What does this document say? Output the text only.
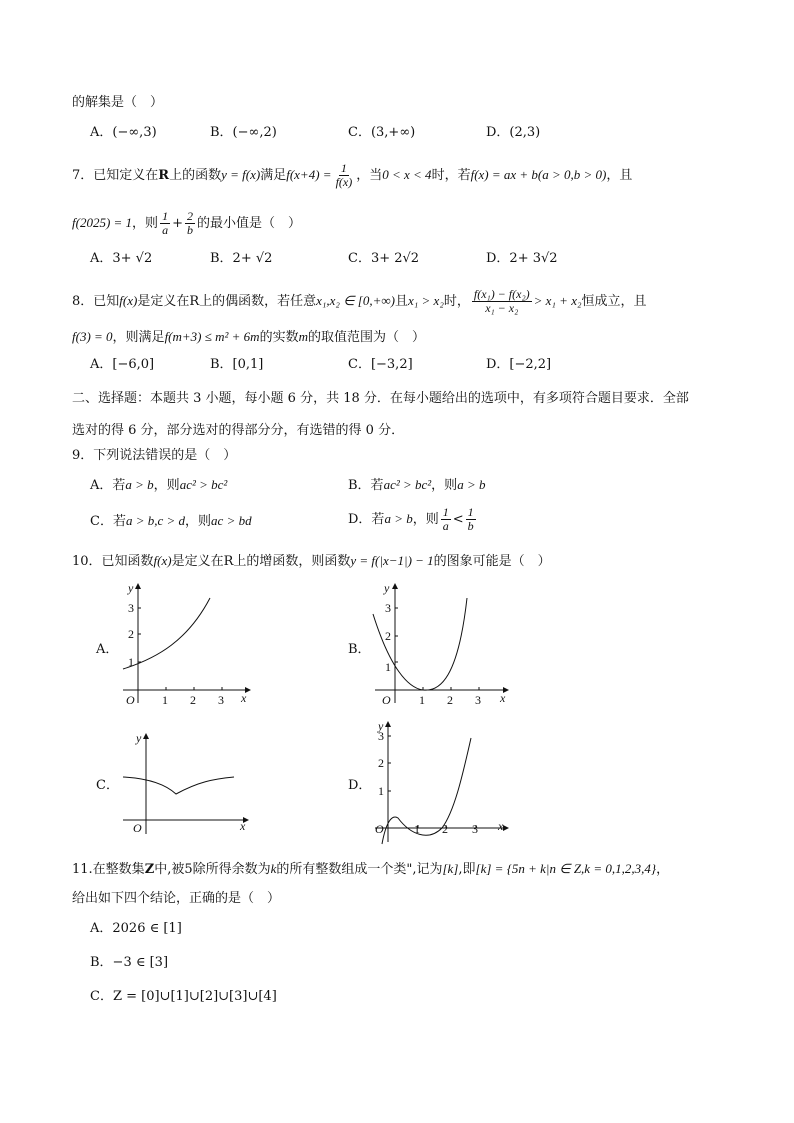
的解集是（　）
A．(−∞,3)	B．(−∞,2)	C．(3,+∞)	D．(2,3)
7．已知定义在R上的函数y = f(x)满足$f(x+4) = \frac{1}{f(x)}$ ，当0 < x < 4时，若f(x) = ax + b(a > 0,b > 0)，且
f(2025) = 1，则 $\frac{1}{a} + \frac{2}{b}$ 的最小值是（　）
A．3+ √2	B．2+ √2	C．3+ 2√2	D．2+ 3√2
8．已知f(x)是定义在R上的偶函数，若任意x₁,x₂ ∈ [0,+∞)且x₁ > x₂时， $\frac{\text{f(x₁) − f(x₂)}}{\text{x₁ − x₂}} > x_1 + x_2$恒成立，且
f(3) = 0，则满足f(m+3) ≤ m² + 6m的实数m的取值范围为（　）
A．[−6,0]	B．[0,1]	C．[−3,2]	D．[−2,2]
二、选择题：本题共 3 小题，每小题 6 分，共 18 分．在每小题给出的选项中，有多项符合题目要求．全部
选对的得 6 分，部分选对的得部分分，有选错的得 0 分．
9．下列说法错误的是（　）
A．若a > b，则ac² > bc²	B．若ac² > bc²，则a > b
C．若a > b,c > d，则ac > bd	D．若a > b，则 $\frac{1}{a} < \frac{1}{b}$
10．已知函数f(x)是定义在R上的增函数，则函数y = f(|x−1|) − 1的图象可能是（　）
A．	B．
C．	D．
O
y
x
1 2 3
1
2
3
O
y
x
1 2 3
1
2
3
O
y
x	O
y
x
1 2 3
1
2
3
11.在整数集Z中,被5除所得余数为k的所有整数组成一个类",记为[k],即[k] = {5n + k|n ∈ Z,k = 0,1,2,3,4}，
给出如下四个结论，正确的是（　）
A．2026 ∈ [1]
B．−3 ∈ [3]
C．Z = [0]∪[1]∪[2]∪[3]∪[4]
